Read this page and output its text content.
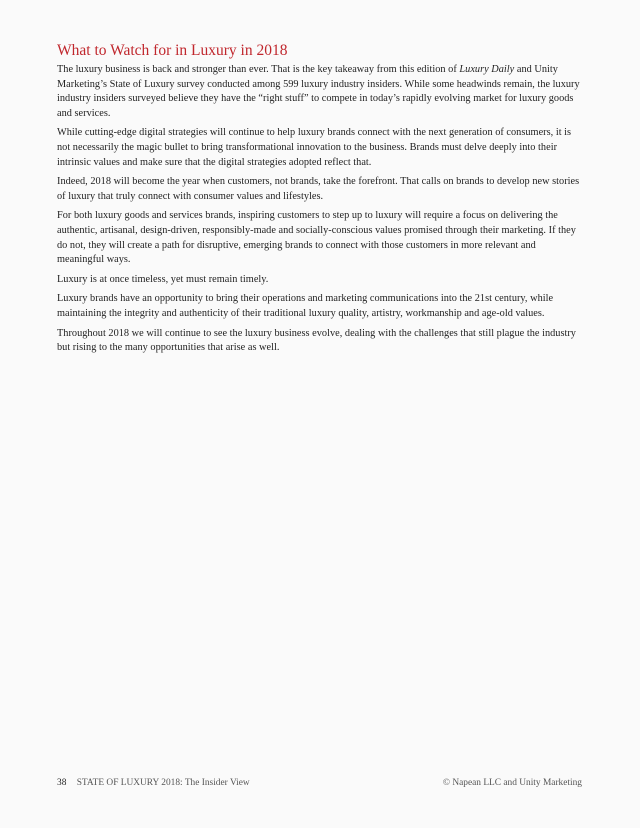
What to Watch for in Luxury in 2018

The luxury business is back and stronger than ever. That is the key takeaway from this edition of Luxury Daily and Unity Marketing’s State of Luxury survey conducted among 599 luxury industry insiders. While some headwinds remain, the luxury industry insiders surveyed believe they have the “right stuff” to compete in today’s rapidly evolving market for luxury goods and services.

While cutting-edge digital strategies will continue to help luxury brands connect with the next generation of consumers, it is not necessarily the magic bullet to bring transformational innovation to the business. Brands must delve deeply into their intrinsic values and make sure that the digital strategies adopted reflect that.

Indeed, 2018 will become the year when customers, not brands, take the forefront. That calls on brands to develop new stories of luxury that truly connect with consumer values and lifestyles.

For both luxury goods and services brands, inspiring customers to step up to luxury will require a focus on delivering the authentic, artisanal, design-driven, responsibly-made and socially-conscious values promised through their marketing. If they do not, they will create a path for disruptive, emerging brands to connect with those customers in more relevant and meaningful ways.

Luxury is at once timeless, yet must remain timely.

Luxury brands have an opportunity to bring their operations and marketing communications into the 21st century, while maintaining the integrity and authenticity of their traditional luxury quality, artistry, workmanship and age-old values.

Throughout 2018 we will continue to see the luxury business evolve, dealing with the challenges that still plague the industry but rising to the many opportunities that arise as well.

38 STATE OF LUXURY 2018: The Insider View	© Napean LLC and Unity Marketing
